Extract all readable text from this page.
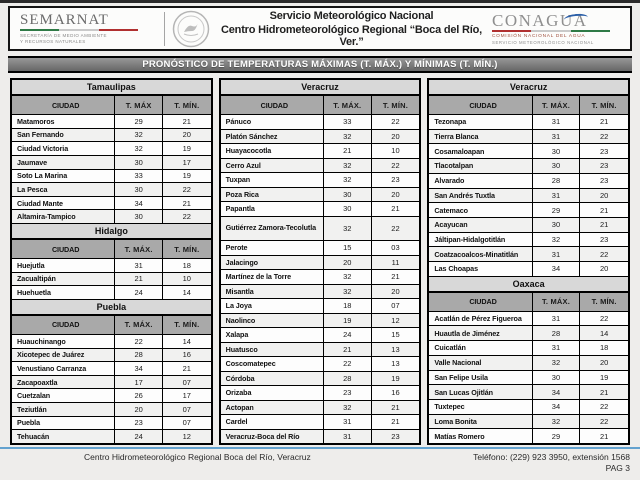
SEMARNAT
SECRETARÍA DE MEDIO AMBIENTE
Y RECURSOS NATURALES
Servicio Meteorológico Nacional
Centro Hidrometeorológico Regional “Boca del Río, Ver.”
CONAGUA
COMISIÓN NACIONAL DEL AGUA
SERVICIO METEOROLÓGICO NACIONAL
PRONÓSTICO DE TEMPERATURAS MÁXIMAS (T. MÁX.) Y MÍNIMAS (T. MÍN.)
Tamaulipas
CIUDAD	T. MÁX	T. MÍN.
Matamoros	29	21
San Fernando	32	20
Ciudad Victoria	32	19
Jaumave	30	17
Soto La Marina	33	19
La Pesca	30	22
Ciudad Mante	34	21
Altamira-Tampico	30	22
Hidalgo
CIUDAD	T. MÁX.	T. MÍN.
Huejutla	31	18
Zacualtipán	21	10
Huehuetla	24	14
Puebla
CIUDAD	T. MÁX.	T. MÍN.
Huauchinango	22	14
Xicotepec de Juárez	28	16
Venustiano Carranza	34	21
Zacapoaxtla	17	07
Cuetzalan	26	17
Teziutlán	20	07
Puebla	23	07
Tehuacán	24	12
Veracruz
CIUDAD	T. MÁX.	T. MÍN.
Pánuco	33	22
Platón Sánchez	32	20
Huayacocotla	21	10
Cerro Azul	32	22
Tuxpan	32	23
Poza Rica	30	20
Papantla	30	21
Gutiérrez Zamora-Tecolutla	32	22
Perote	15	03
Jalacingo	20	11
Martínez de la Torre	32	21
Misantla	32	20
La Joya	18	07
Naolinco	19	12
Xalapa	24	15
Huatusco	21	13
Coscomatepec	22	13
Córdoba	28	19
Orizaba	23	16
Actopan	32	21
Cardel	31	21
Veracruz-Boca del Río	31	23
Veracruz
CIUDAD	T. MÁX.	T. MÍN.
Tezonapa	31	21
Tierra Blanca	31	22
Cosamaloapan	30	23
Tlacotalpan	30	23
Alvarado	28	23
San Andrés Tuxtla	31	20
Catemaco	29	21
Acayucan	30	21
Jáltipan-Hidalgotitlán	32	23
Coatzacoalcos-Minatitlán	31	22
Las Choapas	34	20
Oaxaca
CIUDAD	T. MÁX.	T. MÍN.
Acatlán de Pérez Figueroa	31	22
Huautla de Jiménez	28	14
Cuicatlán	31	18
Valle Nacional	32	20
San Felipe Usila	30	19
San Lucas Ojitlán	34	21
Tuxtepec	34	22
Loma Bonita	32	22
Matías Romero	29	21
Centro Hidrometeorológico Regional Boca del Río, Veracruz	Teléfono: (229) 923 3950, extensión 1568
PAG 3
